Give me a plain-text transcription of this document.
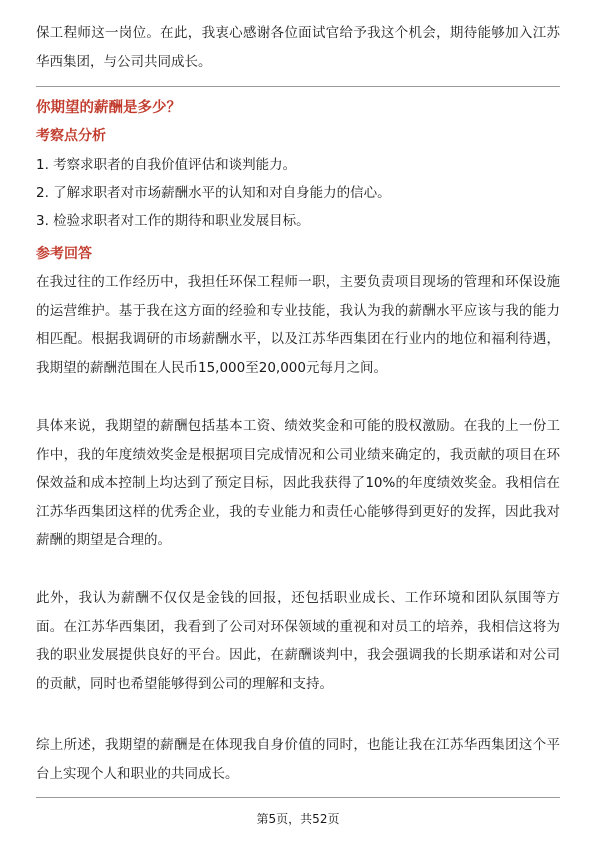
保工程师这一岗位。在此，我衷心感谢各位面试官给予我这个机会，期待能够加入江苏华西集团，与公司共同成长。

你期望的薪酬是多少？

考察点分析

1. 考察求职者的自我价值评估和谈判能力。
2. 了解求职者对市场薪酬水平的认知和对自身能力的信心。
3. 检验求职者对工作的期待和职业发展目标。

参考回答

在我过往的工作经历中，我担任环保工程师一职，主要负责项目现场的管理和环保设施的运营维护。基于我在这方面的经验和专业技能，我认为我的薪酬水平应该与我的能力相匹配。根据我调研的市场薪酬水平，以及江苏华西集团在行业内的地位和福利待遇，我期望的薪酬范围在人民币15,000至20,000元每月之间。

具体来说，我期望的薪酬包括基本工资、绩效奖金和可能的股权激励。在我的上一份工作中，我的年度绩效奖金是根据项目完成情况和公司业绩来确定的，我贡献的项目在环保效益和成本控制上均达到了预定目标，因此我获得了10%的年度绩效奖金。我相信在江苏华西集团这样的优秀企业，我的专业能力和责任心能够得到更好的发挥，因此我对薪酬的期望是合理的。

此外，我认为薪酬不仅仅是金钱的回报，还包括职业成长、工作环境和团队氛围等方面。在江苏华西集团，我看到了公司对环保领域的重视和对员工的培养，我相信这将为我的职业发展提供良好的平台。因此，在薪酬谈判中，我会强调我的长期承诺和对公司的贡献，同时也希望能够得到公司的理解和支持。

综上所述，我期望的薪酬是在体现我自身价值的同时，也能让我在江苏华西集团这个平台上实现个人和职业的共同成长。

第5页，共52页
